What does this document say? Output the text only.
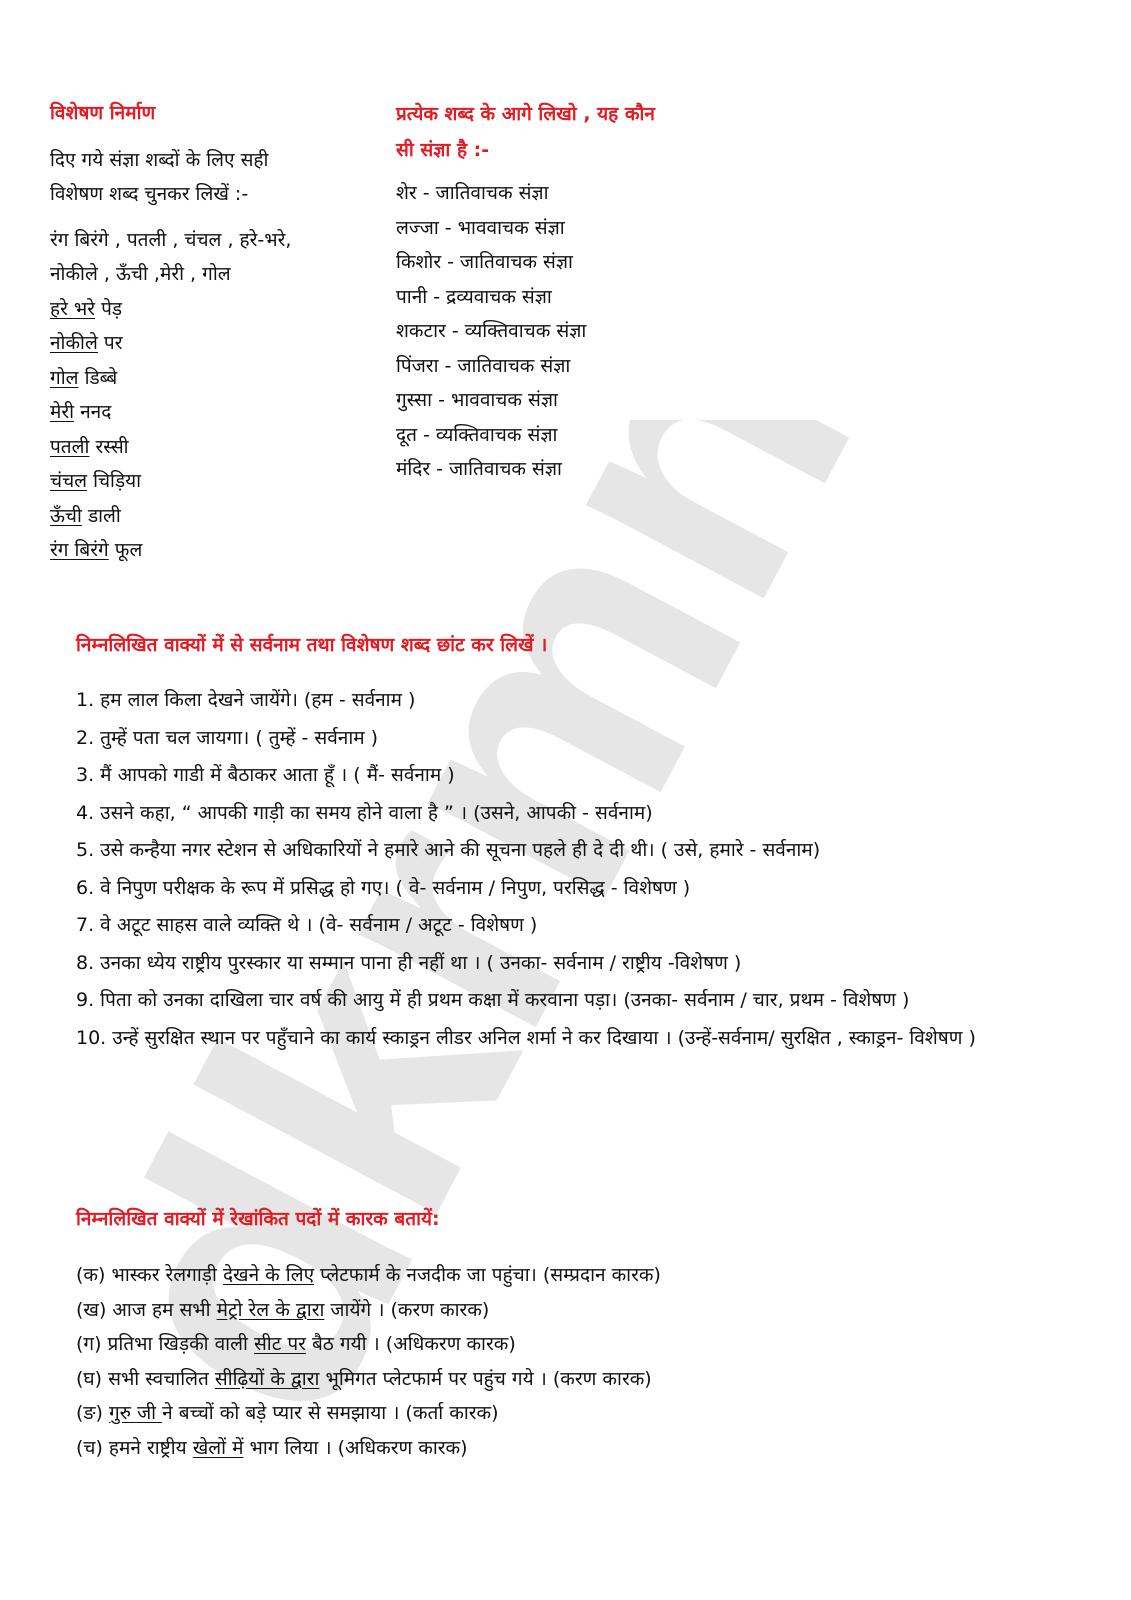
dkrmn
विशेषण निर्माण
दिए गये संज्ञा शब्दों के लिए सही
विशेषण शब्द चुनकर लिखें :-
रंग बिरंगे , पतली , चंचल , हरे-भरे,
नोकीले , ऊँची ,मेरी , गोल
हरे भरे पेड़
नोकीले पर
गोल डिब्बे
मेरी ननद
पतली रस्सी
चंचल चिड़िया
ऊँची डाली
रंग बिरंगे फूल
प्रत्येक शब्द के आगे लिखो , यह कौन
सी संज्ञा है :-
शेर - जातिवाचक संज्ञा
लज्जा - भाववाचक संज्ञा
किशोर - जातिवाचक संज्ञा
पानी - द्रव्यवाचक संज्ञा
शकटार - व्यक्तिवाचक संज्ञा
पिंजरा - जातिवाचक संज्ञा
गुस्सा - भाववाचक संज्ञा
दूत - व्यक्तिवाचक संज्ञा
मंदिर - जातिवाचक संज्ञा
निम्नलिखित वाक्यों में से सर्वनाम तथा विशेषण शब्द छांट कर लिखें ।
1. हम लाल किला देखने जायेंगे। (हम - सर्वनाम )
2. तुम्हें पता चल जायगा। ( तुम्हें - सर्वनाम )
3. मैं आपको गाडी में बैठाकर आता हूँ । ( मैं- सर्वनाम )
4. उसने कहा, “ आपकी गाड़ी का समय होने वाला है ” । (उसने, आपकी - सर्वनाम)
5. उसे कन्हैया नगर स्टेशन से अधिकारियों ने हमारे आने की सूचना पहले ही दे दी थी। ( उसे, हमारे - सर्वनाम)
6. वे निपुण परीक्षक के रूप में प्रसिद्ध हो गए। ( वे- सर्वनाम / निपुण, परसिद्ध - विशेषण )
7. वे अटूट साहस वाले व्यक्ति थे । (वे- सर्वनाम / अटूट - विशेषण )
8. उनका ध्येय राष्ट्रीय पुरस्कार या सम्मान पाना ही नहीं था । ( उनका- सर्वनाम / राष्ट्रीय -विशेषण )
9. पिता को उनका दाखिला चार वर्ष की आयु में ही प्रथम कक्षा में करवाना पड़ा। (उनका- सर्वनाम / चार, प्रथम - विशेषण )
10. उन्हें सुरक्षित स्थान पर पहुँचाने का कार्य स्काड्रन लीडर अनिल शर्मा ने कर दिखाया । (उन्हें-सर्वनाम/ सुरक्षित , स्काड्रन- विशेषण )
निम्नलिखित वाक्यों में रेखांकित पदों में कारक बतायें:
(क) भास्कर रेलगाड़ी देखने के लिए प्लेटफार्म के नजदीक जा पहुंचा। (सम्प्रदान कारक)
(ख) आज हम सभी मेट्रो रेल के द्वारा जायेंगे । (करण कारक)
(ग) प्रतिभा खिड़की वाली सीट पर बैठ गयी । (अधिकरण कारक)
(घ) सभी स्वचालित सीढ़ियों के द्वारा भूमिगत प्लेटफार्म पर पहुंच गये । (करण कारक)
(ङ) गुरु जी ने बच्चों को बड़े प्यार से समझाया । (कर्ता कारक)
(च) हमने राष्ट्रीय खेलों में भाग लिया । (अधिकरण कारक)
